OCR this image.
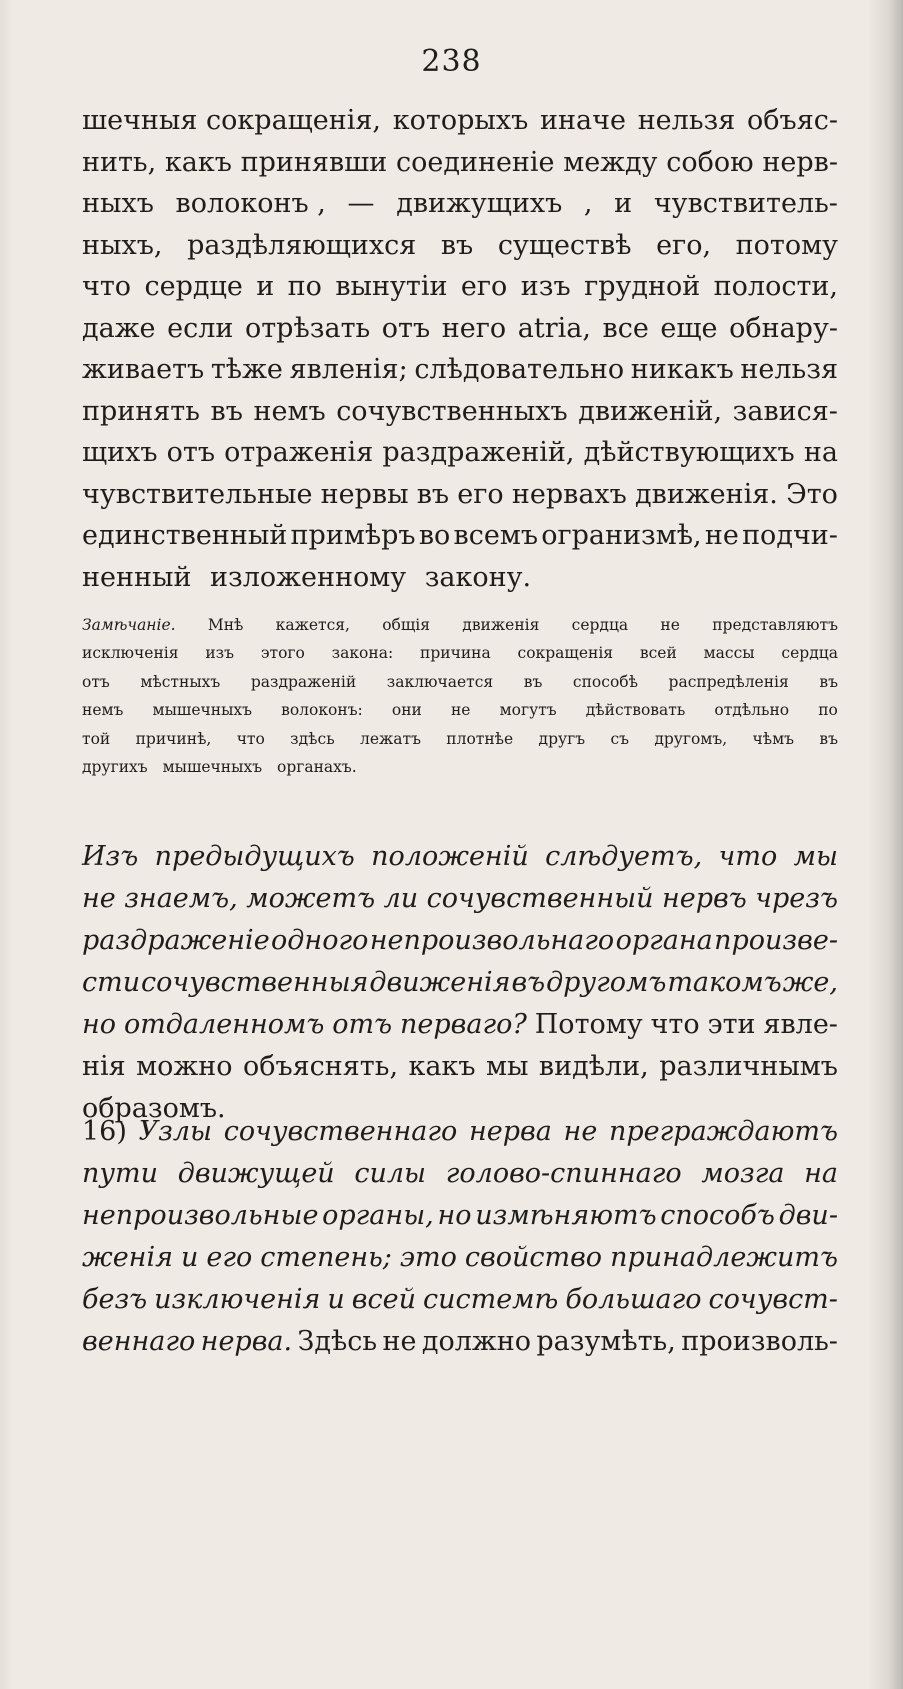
238
шечныя сокращенія, которыхъ иначе нельзя объяс-
нить, какъ принявши соединеніе между собою нерв-
ныхъ волоконъ , — движущихъ , и чувствитель-
ныхъ, раздѣляющихся въ существѣ его, потому
что сердце и по вынутіи его изъ грудной полости,
даже если отрѣзать отъ него atria, все еще обнару-
живаетъ тѣже явленія; слѣдовательно никакъ нельзя
принять въ немъ сочувственныхъ движеній, завися-
щихъ отъ отраженія раздраженій, дѣйствующихъ на
чувствительные нервы въ его нервахъ движенія. Это
единственный примѣръ во всемъ огранизмѣ, не подчи-
ненный изложенному закону.
Замѣчаніе. Мнѣ кажется, общія движенія сердца не представляютъ
исключенія изъ этого закона: причина сокращенія всей массы сердца
отъ мѣстныхъ раздраженій заключается въ способѣ распредѣленія въ
немъ мышечныхъ волоконъ: они не могутъ дѣйствовать отдѣльно по
той причинѣ, что здѣсь лежатъ плотнѣе другъ съ другомъ, чѣмъ въ
другихъ мышечныхъ органахъ.
Изъ предыдущихъ положеній слѣдуетъ, что мы
не знаемъ, можетъ ли сочувственный нервъ чрезъ
раздраженіе одного непроизвольнаго органа произве-
сти сочувственныя движенія въ другомъ такомъ же,
но отдаленномъ отъ перваго? Потому что эти явле-
нія можно объяснять, какъ мы видѣли, различнымъ
образомъ.
16) Узлы сочувственнаго нерва не преграждаютъ
пути движущей силы голово-спиннаго мозга на
непроизвольные органы, но измѣняютъ способъ дви-
женія и его степень; это свойство принадлежитъ
безъ изключенія и всей системѣ большаго сочувст-
веннаго нерва. Здѣсь не должно разумѣть, произволь-
